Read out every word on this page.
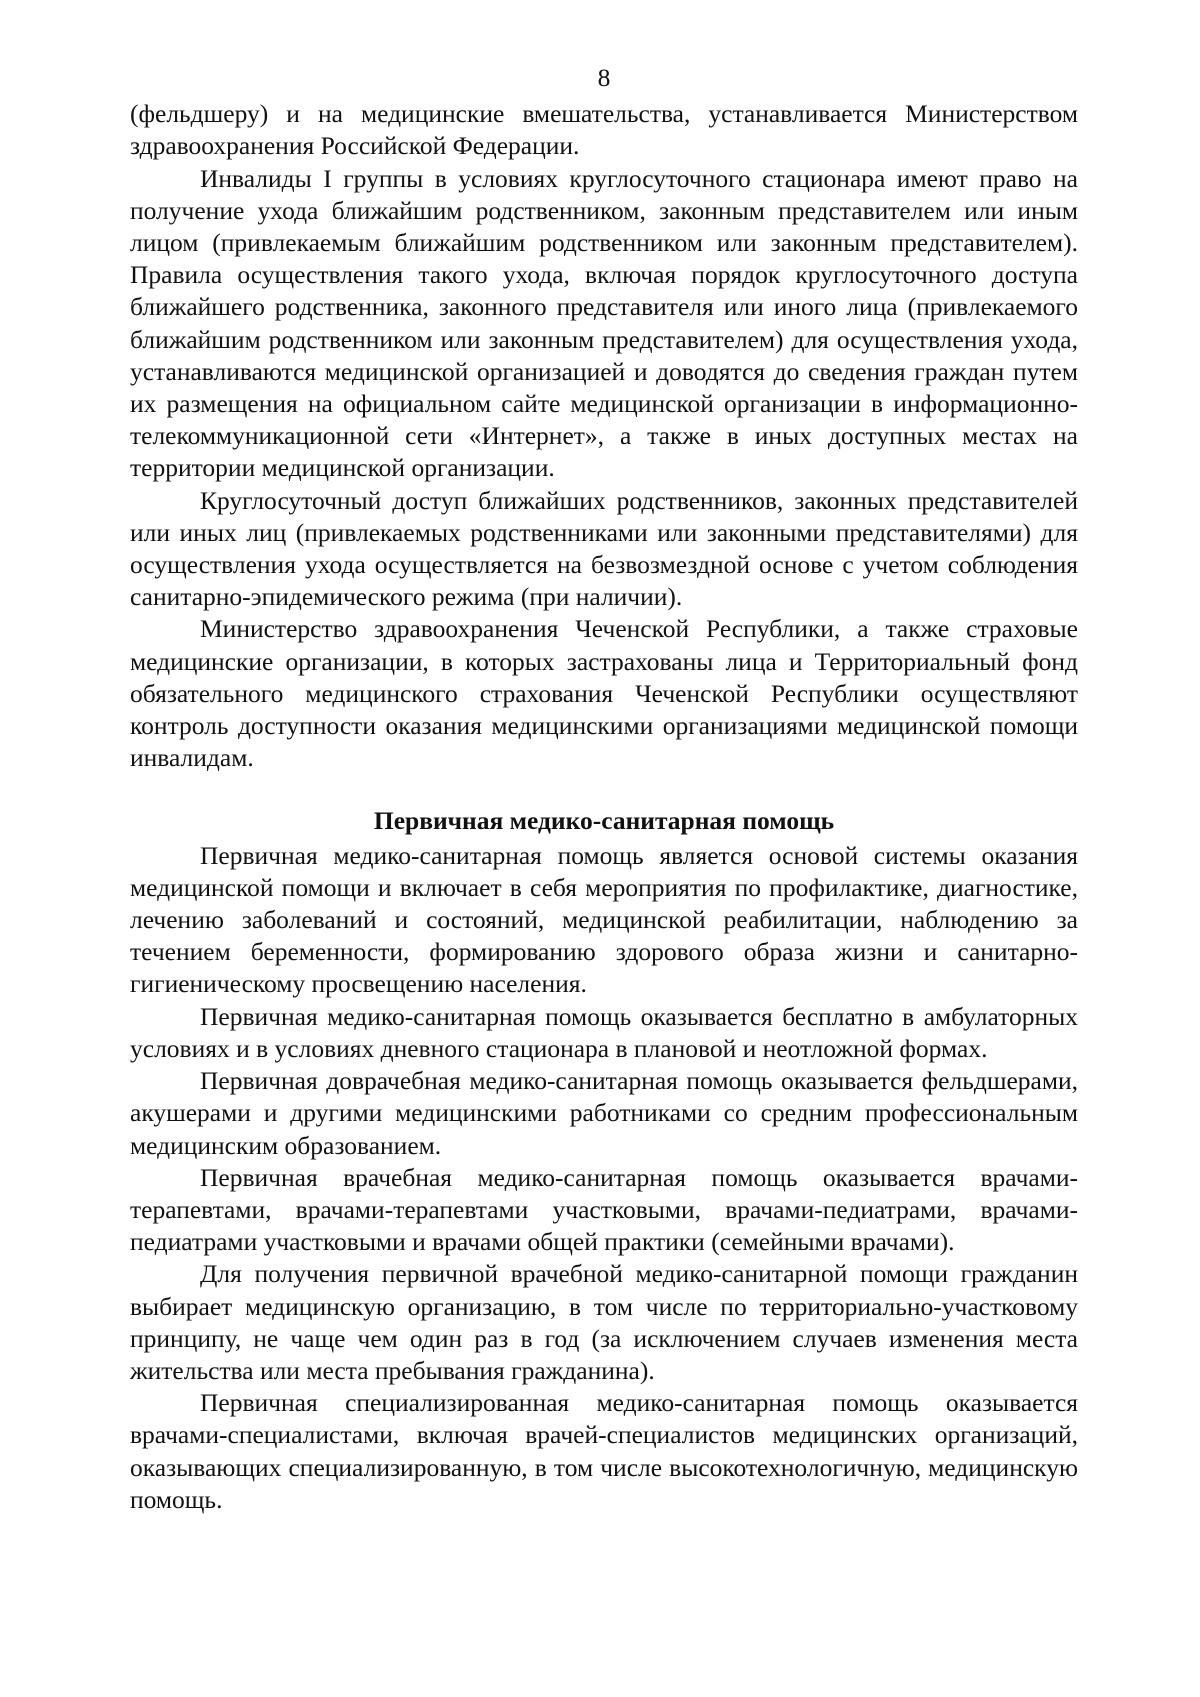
8

(фельдшеру) и на медицинские вмешательства, устанавливается Министерством здравоохранения Российской Федерации.

Инвалиды I группы в условиях круглосуточного стационара имеют право на получение ухода ближайшим родственником, законным представителем или иным лицом (привлекаемым ближайшим родственником или законным представителем). Правила осуществления такого ухода, включая порядок круглосуточного доступа ближайшего родственника, законного представителя или иного лица (привлекаемого ближайшим родственником или законным представителем) для осуществления ухода, устанавливаются медицинской организацией и доводятся до сведения граждан путем их размещения на официальном сайте медицинской организации в информационно-телекоммуникационной сети «Интернет», а также в иных доступных местах на территории медицинской организации.

Круглосуточный доступ ближайших родственников, законных представителей или иных лиц (привлекаемых родственниками или законными представителями) для осуществления ухода осуществляется на безвозмездной основе с учетом соблюдения санитарно-эпидемического режима (при наличии).

Министерство здравоохранения Чеченской Республики, а также страховые медицинские организации, в которых застрахованы лица и Территориальный фонд обязательного медицинского страхования Чеченской Республики осуществляют контроль доступности оказания медицинскими организациями медицинской помощи инвалидам.

Первичная медико-санитарная помощь

Первичная медико-санитарная помощь является основой системы оказания медицинской помощи и включает в себя мероприятия по профилактике, диагностике, лечению заболеваний и состояний, медицинской реабилитации, наблюдению за течением беременности, формированию здорового образа жизни и санитарно-гигиеническому просвещению населения.

Первичная медико-санитарная помощь оказывается бесплатно в амбулаторных условиях и в условиях дневного стационара в плановой и неотложной формах.

Первичная доврачебная медико-санитарная помощь оказывается фельдшерами, акушерами и другими медицинскими работниками со средним профессиональным медицинским образованием.

Первичная врачебная медико-санитарная помощь оказывается врачами-терапевтами, врачами-терапевтами участковыми, врачами-педиатрами, врачами-педиатрами участковыми и врачами общей практики (семейными врачами).

Для получения первичной врачебной медико-санитарной помощи гражданин выбирает медицинскую организацию, в том числе по территориально-участковому принципу, не чаще чем один раз в год (за исключением случаев изменения места жительства или места пребывания гражданина).

Первичная специализированная медико-санитарная помощь оказывается врачами-специалистами, включая врачей-специалистов медицинских организаций, оказывающих специализированную, в том числе высокотехнологичную, медицинскую помощь.
